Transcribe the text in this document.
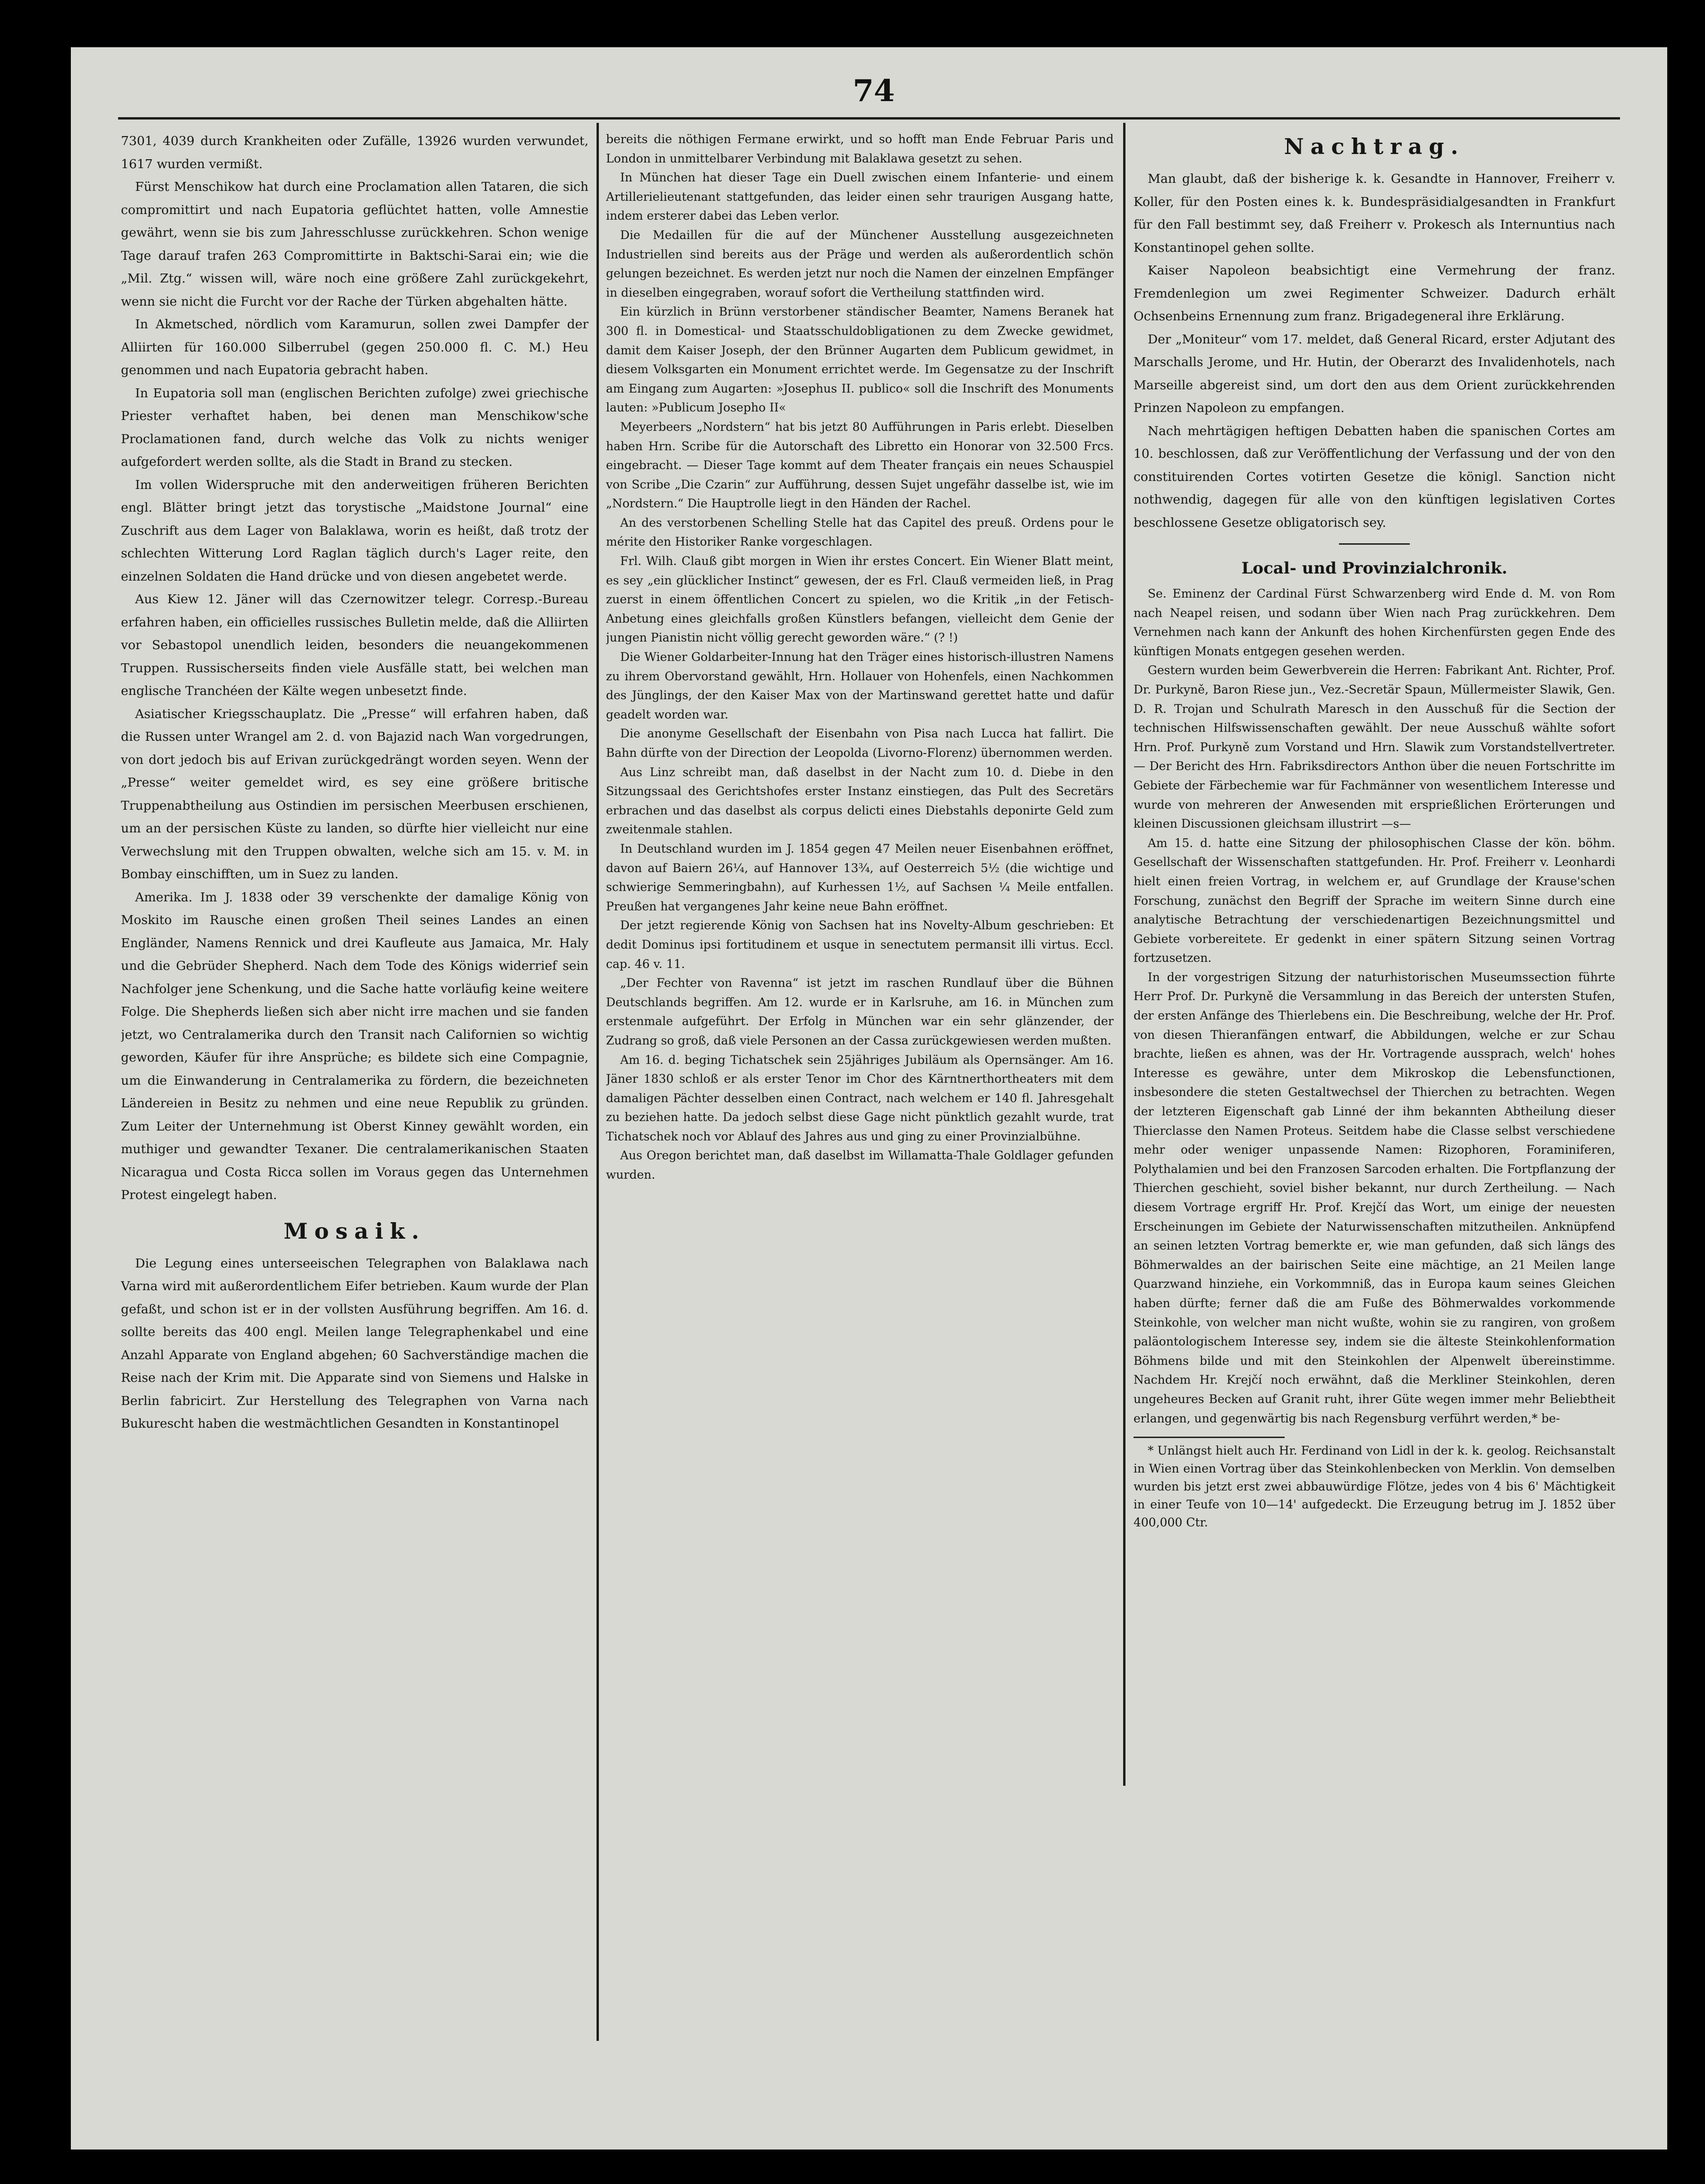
74

7301, 4039 durch Krankheiten oder Zufälle, 13926 wurden verwundet, 1617 wurden vermißt.

Fürst Menschikow hat durch eine Proclamation allen Tataren, die sich compromittirt und nach Eupatoria geflüchtet hatten, volle Amnestie gewährt, wenn sie bis zum Jahresschlusse zurückkehren. Schon wenige Tage darauf trafen 263 Compromittirte in Baktschi-Sarai ein; wie die „Mil. Ztg.“ wissen will, wäre noch eine größere Zahl zurückgekehrt, wenn sie nicht die Furcht vor der Rache der Türken abgehalten hätte.

In Akmetsched, nördlich vom Karamurun, sollen zwei Dampfer der Alliirten für 160.000 Silberrubel (gegen 250.000 fl. C. M.) Heu genommen und nach Eupatoria gebracht haben.

In Eupatoria soll man (englischen Berichten zufolge) zwei griechische Priester verhaftet haben, bei denen man Menschikow'sche Proclamationen fand, durch welche das Volk zu nichts weniger aufgefordert werden sollte, als die Stadt in Brand zu stecken.

Im vollen Widerspruche mit den anderweitigen früheren Berichten engl. Blätter bringt jetzt das torystische „Maidstone Journal“ eine Zuschrift aus dem Lager von Balaklawa, worin es heißt, daß trotz der schlechten Witterung Lord Raglan täglich durch's Lager reite, den einzelnen Soldaten die Hand drücke und von diesen angebetet werde.

Aus Kiew 12. Jäner will das Czernowitzer telegr. Corresp.-Bureau erfahren haben, ein officielles russisches Bulletin melde, daß die Alliirten vor Sebastopol unendlich leiden, besonders die neuangekommenen Truppen. Russischerseits finden viele Ausfälle statt, bei welchen man englische Tranchéen der Kälte wegen unbesetzt finde.

Asiatischer Kriegsschauplatz. Die „Presse“ will erfahren haben, daß die Russen unter Wrangel am 2. d. von Bajazid nach Wan vorgedrungen, von dort jedoch bis auf Erivan zurückgedrängt worden seyen. Wenn der „Presse“ weiter gemeldet wird, es sey eine größere britische Truppenabtheilung aus Ostindien im persischen Meerbusen erschienen, um an der persischen Küste zu landen, so dürfte hier vielleicht nur eine Verwechslung mit den Truppen obwalten, welche sich am 15. v. M. in Bombay einschifften, um in Suez zu landen.

Amerika. Im J. 1838 oder 39 verschenkte der damalige König von Moskito im Rausche einen großen Theil seines Landes an einen Engländer, Namens Rennick und drei Kaufleute aus Jamaica, Mr. Haly und die Gebrüder Shepherd. Nach dem Tode des Königs widerrief sein Nachfolger jene Schenkung, und die Sache hatte vorläufig keine weitere Folge. Die Shepherds ließen sich aber nicht irre machen und sie fanden jetzt, wo Centralamerika durch den Transit nach Californien so wichtig geworden, Käufer für ihre Ansprüche; es bildete sich eine Compagnie, um die Einwanderung in Centralamerika zu fördern, die bezeichneten Ländereien in Besitz zu nehmen und eine neue Republik zu gründen. Zum Leiter der Unternehmung ist Oberst Kinney gewählt worden, ein muthiger und gewandter Texaner. Die centralamerikanischen Staaten Nicaragua und Costa Ricca sollen im Voraus gegen das Unternehmen Protest eingelegt haben.

Mosaik.

Die Legung eines unterseeischen Telegraphen von Balaklawa nach Varna wird mit außerordentlichem Eifer betrieben. Kaum wurde der Plan gefaßt, und schon ist er in der vollsten Ausführung begriffen. Am 16. d. sollte bereits das 400 engl. Meilen lange Telegraphenkabel und eine Anzahl Apparate von England abgehen; 60 Sachverständige machen die Reise nach der Krim mit. Die Apparate sind von Siemens und Halske in Berlin fabricirt. Zur Herstellung des Telegraphen von Varna nach Bukurescht haben die westmächtlichen Gesandten in Konstantinopel

bereits die nöthigen Fermane erwirkt, und so hofft man Ende Februar Paris und London in unmittelbarer Verbindung mit Balaklawa gesetzt zu sehen.

In München hat dieser Tage ein Duell zwischen einem Infanterie- und einem Artillerielieutenant stattgefunden, das leider einen sehr traurigen Ausgang hatte, indem ersterer dabei das Leben verlor.

Die Medaillen für die auf der Münchener Ausstellung ausgezeichneten Industriellen sind bereits aus der Präge und werden als außerordentlich schön gelungen bezeichnet. Es werden jetzt nur noch die Namen der einzelnen Empfänger in dieselben eingegraben, worauf sofort die Vertheilung stattfinden wird.

Ein kürzlich in Brünn verstorbener ständischer Beamter, Namens Beranek hat 300 fl. in Domestical- und Staatsschuldobligationen zu dem Zwecke gewidmet, damit dem Kaiser Joseph, der den Brünner Augarten dem Publicum gewidmet, in diesem Volksgarten ein Monument errichtet werde. Im Gegensatze zu der Inschrift am Eingang zum Augarten: »Josephus II. publico« soll die Inschrift des Monuments lauten: »Publicum Josepho II«

Meyerbeers „Nordstern“ hat bis jetzt 80 Aufführungen in Paris erlebt. Dieselben haben Hrn. Scribe für die Autorschaft des Libretto ein Honorar von 32.500 Frcs. eingebracht. — Dieser Tage kommt auf dem Theater français ein neues Schauspiel von Scribe „Die Czarin“ zur Aufführung, dessen Sujet ungefähr dasselbe ist, wie im „Nordstern.“ Die Hauptrolle liegt in den Händen der Rachel.

An des verstorbenen Schelling Stelle hat das Capitel des preuß. Ordens pour le mérite den Historiker Ranke vorgeschlagen.

Frl. Wilh. Clauß gibt morgen in Wien ihr erstes Concert. Ein Wiener Blatt meint, es sey „ein glücklicher Instinct“ gewesen, der es Frl. Clauß vermeiden ließ, in Prag zuerst in einem öffentlichen Concert zu spielen, wo die Kritik „in der Fetisch-Anbetung eines gleichfalls großen Künstlers befangen, vielleicht dem Genie der jungen Pianistin nicht völlig gerecht geworden wäre.“ (? !)

Die Wiener Goldarbeiter-Innung hat den Träger eines historisch-illustren Namens zu ihrem Obervorstand gewählt, Hrn. Hollauer von Hohenfels, einen Nachkommen des Jünglings, der den Kaiser Max von der Martinswand gerettet hatte und dafür geadelt worden war.

Die anonyme Gesellschaft der Eisenbahn von Pisa nach Lucca hat fallirt. Die Bahn dürfte von der Direction der Leopolda (Livorno-Florenz) übernommen werden.

Aus Linz schreibt man, daß daselbst in der Nacht zum 10. d. Diebe in den Sitzungssaal des Gerichtshofes erster Instanz einstiegen, das Pult des Secretärs erbrachen und das daselbst als corpus delicti eines Diebstahls deponirte Geld zum zweitenmale stahlen.

In Deutschland wurden im J. 1854 gegen 47 Meilen neuer Eisenbahnen eröffnet, davon auf Baiern 26¼, auf Hannover 13¾, auf Oesterreich 5½ (die wichtige und schwierige Semmeringbahn), auf Kurhessen 1½, auf Sachsen ¼ Meile entfallen. Preußen hat vergangenes Jahr keine neue Bahn eröffnet.

Der jetzt regierende König von Sachsen hat ins Novelty-Album geschrieben: Et dedit Dominus ipsi fortitudinem et usque in senectutem permansit illi virtus. Eccl. cap. 46 v. 11.

„Der Fechter von Ravenna“ ist jetzt im raschen Rundlauf über die Bühnen Deutschlands begriffen. Am 12. wurde er in Karlsruhe, am 16. in München zum erstenmale aufgeführt. Der Erfolg in München war ein sehr glänzender, der Zudrang so groß, daß viele Personen an der Cassa zurückgewiesen werden mußten.

Am 16. d. beging Tichatschek sein 25jähriges Jubiläum als Opernsänger. Am 16. Jäner 1830 schloß er als erster Tenor im Chor des Kärntnerthortheaters mit dem damaligen Pächter desselben einen Contract, nach welchem er 140 fl. Jahresgehalt zu beziehen hatte. Da jedoch selbst diese Gage nicht pünktlich gezahlt wurde, trat Tichatschek noch vor Ablauf des Jahres aus und ging zu einer Provinzialbühne.

Aus Oregon berichtet man, daß daselbst im Willamatta-Thale Goldlager gefunden wurden.

Nachtrag.

Man glaubt, daß der bisherige k. k. Gesandte in Hannover, Freiherr v. Koller, für den Posten eines k. k. Bundespräsidialgesandten in Frankfurt für den Fall bestimmt sey, daß Freiherr v. Prokesch als Internuntius nach Konstantinopel gehen sollte.

Kaiser Napoleon beabsichtigt eine Vermehrung der franz. Fremdenlegion um zwei Regimenter Schweizer. Dadurch erhält Ochsenbeins Ernennung zum franz. Brigadegeneral ihre Erklärung.

Der „Moniteur“ vom 17. meldet, daß General Ricard, erster Adjutant des Marschalls Jerome, und Hr. Hutin, der Oberarzt des Invalidenhotels, nach Marseille abgereist sind, um dort den aus dem Orient zurückkehrenden Prinzen Napoleon zu empfangen.

Nach mehrtägigen heftigen Debatten haben die spanischen Cortes am 10. beschlossen, daß zur Veröffentlichung der Verfassung und der von den constituirenden Cortes votirten Gesetze die königl. Sanction nicht nothwendig, dagegen für alle von den künftigen legislativen Cortes beschlossene Gesetze obligatorisch sey.

Local- und Provinzialchronik.

Se. Eminenz der Cardinal Fürst Schwarzenberg wird Ende d. M. von Rom nach Neapel reisen, und sodann über Wien nach Prag zurückkehren. Dem Vernehmen nach kann der Ankunft des hohen Kirchenfürsten gegen Ende des künftigen Monats entgegen gesehen werden.

Gestern wurden beim Gewerbverein die Herren: Fabrikant Ant. Richter, Prof. Dr. Purkyně, Baron Riese jun., Vez.-Secretär Spaun, Müllermeister Slawik, Gen. D. R. Trojan und Schulrath Maresch in den Ausschuß für die Section der technischen Hilfswissenschaften gewählt. Der neue Ausschuß wählte sofort Hrn. Prof. Purkyně zum Vorstand und Hrn. Slawik zum Vorstandstellvertreter. — Der Bericht des Hrn. Fabriksdirectors Anthon über die neuen Fortschritte im Gebiete der Färbechemie war für Fachmänner von wesentlichem Interesse und wurde von mehreren der Anwesenden mit ersprießlichen Erörterungen und kleinen Discussionen gleichsam illustrirt —s—

Am 15. d. hatte eine Sitzung der philosophischen Classe der kön. böhm. Gesellschaft der Wissenschaften stattgefunden. Hr. Prof. Freiherr v. Leonhardi hielt einen freien Vortrag, in welchem er, auf Grundlage der Krause'schen Forschung, zunächst den Begriff der Sprache im weitern Sinne durch eine analytische Betrachtung der verschiedenartigen Bezeichnungsmittel und Gebiete vorbereitete. Er gedenkt in einer spätern Sitzung seinen Vortrag fortzusetzen.

In der vorgestrigen Sitzung der naturhistorischen Museumssection führte Herr Prof. Dr. Purkyně die Versammlung in das Bereich der untersten Stufen, der ersten Anfänge des Thierlebens ein. Die Beschreibung, welche der Hr. Prof. von diesen Thieranfängen entwarf, die Abbildungen, welche er zur Schau brachte, ließen es ahnen, was der Hr. Vortragende aussprach, welch' hohes Interesse es gewähre, unter dem Mikroskop die Lebensfunctionen, insbesondere die steten Gestaltwechsel der Thierchen zu betrachten. Wegen der letzteren Eigenschaft gab Linné der ihm bekannten Abtheilung dieser Thierclasse den Namen Proteus. Seitdem habe die Classe selbst verschiedene mehr oder weniger unpassende Namen: Rizophoren, Foraminiferen, Polythalamien und bei den Franzosen Sarcoden erhalten. Die Fortpflanzung der Thierchen geschieht, soviel bisher bekannt, nur durch Zertheilung. — Nach diesem Vortrage ergriff Hr. Prof. Krejčí das Wort, um einige der neuesten Erscheinungen im Gebiete der Naturwissenschaften mitzutheilen. Anknüpfend an seinen letzten Vortrag bemerkte er, wie man gefunden, daß sich längs des Böhmerwaldes an der bairischen Seite eine mächtige, an 21 Meilen lange Quarzwand hinziehe, ein Vorkommniß, das in Europa kaum seines Gleichen haben dürfte; ferner daß die am Fuße des Böhmerwaldes vorkommende Steinkohle, von welcher man nicht wußte, wohin sie zu rangiren, von großem paläontologischem Interesse sey, indem sie die älteste Steinkohlenformation Böhmens bilde und mit den Steinkohlen der Alpenwelt übereinstimme. Nachdem Hr. Krejčí noch erwähnt, daß die Merkliner Steinkohlen, deren ungeheures Becken auf Granit ruht, ihrer Güte wegen immer mehr Beliebtheit erlangen, und gegenwärtig bis nach Regensburg verführt werden,* be-

* Unlängst hielt auch Hr. Ferdinand von Lidl in der k. k. geolog. Reichsanstalt in Wien einen Vortrag über das Steinkohlenbecken von Merklin. Von demselben wurden bis jetzt erst zwei abbauwürdige Flötze, jedes von 4 bis 6' Mächtigkeit in einer Teufe von 10—14' aufgedeckt. Die Erzeugung betrug im J. 1852 über 400,000 Ctr.
